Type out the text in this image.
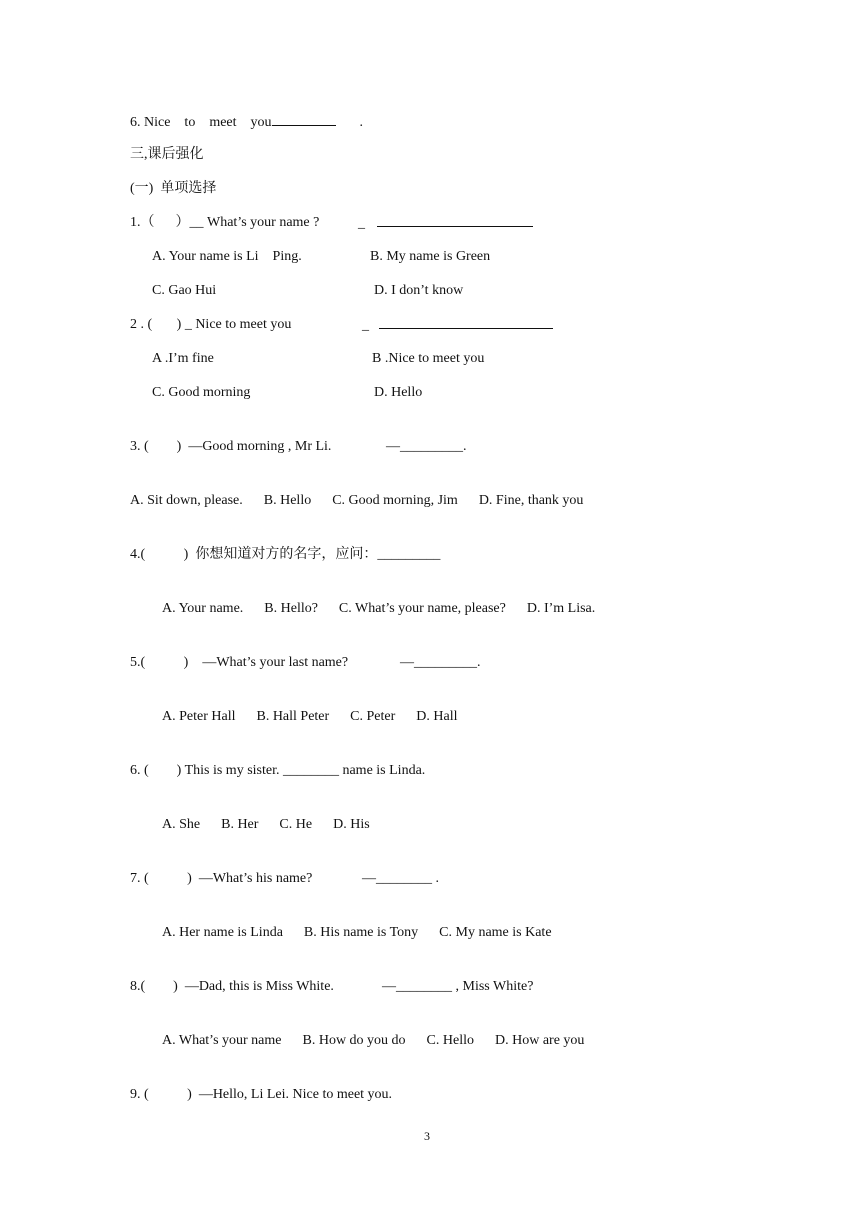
6. Nice    to    meet    you	.
三,课后强化
(一)  单项选择
1.（      ）__ What’s your name ?	_
A. Your name is Li    Ping.	B. My name is Green
C. Gao Hui	D. I don’t know
2 . (       ) _ Nice to meet you	_
A .I’m fine	B .Nice to meet you
C. Good morning	D. Hello
3. (        )  —Good morning , Mr Li.	—_________.
A. Sit down, please.      B. Hello      C. Good morning, Jim      D. Fine, thank you
4.(           )  你想知道对方的名字，应问：_________
A. Your name.      B. Hello?      C. What’s your name, please?      D. I’m Lisa.
5.(           )    —What’s your last name?	—_________.
A. Peter Hall      B. Hall Peter      C. Peter      D. Hall
6. (        ) This is my sister. ________ name is Linda.
A. She      B. Her      C. He      D. His
7. (           )  —What’s his name?	—________ .
A. Her name is Linda      B. His name is Tony      C. My name is Kate
8.(        )  —Dad, this is Miss White.	—________ , Miss White?
A. What’s your name      B. How do you do      C. Hello      D. How are you
9. (           )  —Hello, Li Lei. Nice to meet you.
3
